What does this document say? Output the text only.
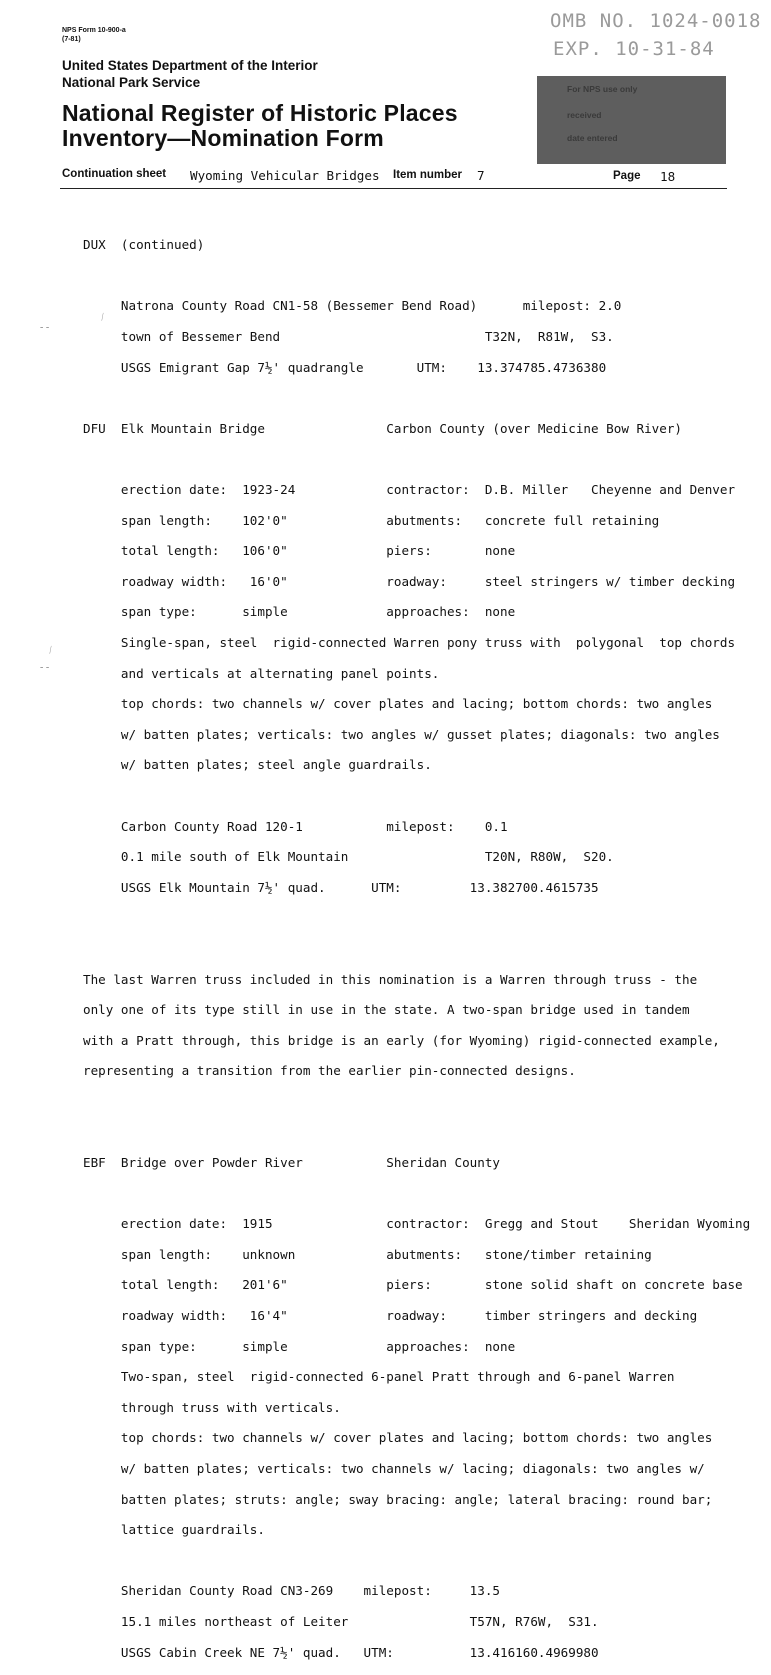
NPS Form 10-900-a
(7-81)
United States Department of the Interior
National Park Service
National Register of Historic Places
Inventory—Nomination Form
OMB NO. 1024-0018
EXP. 10-31-84
For NPS use only
received
date entered
Continuation sheet Wyoming Vehicular Bridges Item number 7	Page 18
‐ ‐
⁄
‐ ‐
⁄

DUX  (continued)

Natrona County Road CN1-58 (Bessemer Bend Road)      milepost: 2.0

town of Bessemer Bend                           T32N,  R81W,  S3.

USGS Emigrant Gap 7½' quadrangle       UTM:    13.374785.4736380

DFU  Elk Mountain Bridge                Carbon County (over Medicine Bow River)

erection date:  1923-24            contractor:  D.B. Miller   Cheyenne and Denver

span length:    102'0"             abutments:   concrete full retaining

total length:   106'0"             piers:       none

roadway width:   16'0"             roadway:     steel stringers w/ timber decking

span type:      simple             approaches:  none

Single-span, steel  rigid-connected Warren pony truss with  polygonal  top chords

and verticals at alternating panel points.

top chords: two channels w/ cover plates and lacing; bottom chords: two angles

w/ batten plates; verticals: two angles w/ gusset plates; diagonals: two angles

w/ batten plates; steel angle guardrails.

Carbon County Road 120-1           milepost:    0.1

0.1 mile south of Elk Mountain                  T20N, R80W,  S20.

USGS Elk Mountain 7½' quad.      UTM:         13.382700.4615735

The last Warren truss included in this nomination is a Warren through truss - the

only one of its type still in use in the state. A two-span bridge used in tandem

with a Pratt through, this bridge is an early (for Wyoming) rigid-connected example,

representing a transition from the earlier pin-connected designs.

EBF  Bridge over Powder River           Sheridan County

erection date:  1915               contractor:  Gregg and Stout    Sheridan Wyoming

span length:    unknown            abutments:   stone/timber retaining

total length:   201'6"             piers:       stone solid shaft on concrete base

roadway width:   16'4"             roadway:     timber stringers and decking

span type:      simple             approaches:  none

Two-span, steel  rigid-connected 6-panel Pratt through and 6-panel Warren

through truss with verticals.

top chords: two channels w/ cover plates and lacing; bottom chords: two angles

w/ batten plates; verticals: two channels w/ lacing; diagonals: two angles w/

batten plates; struts: angle; sway bracing: angle; lateral bracing: round bar;

lattice guardrails.

Sheridan County Road CN3-269    milepost:     13.5

15.1 miles northeast of Leiter                T57N, R76W,  S31.

USGS Cabin Creek NE 7½' quad.   UTM:          13.416160.4969980
